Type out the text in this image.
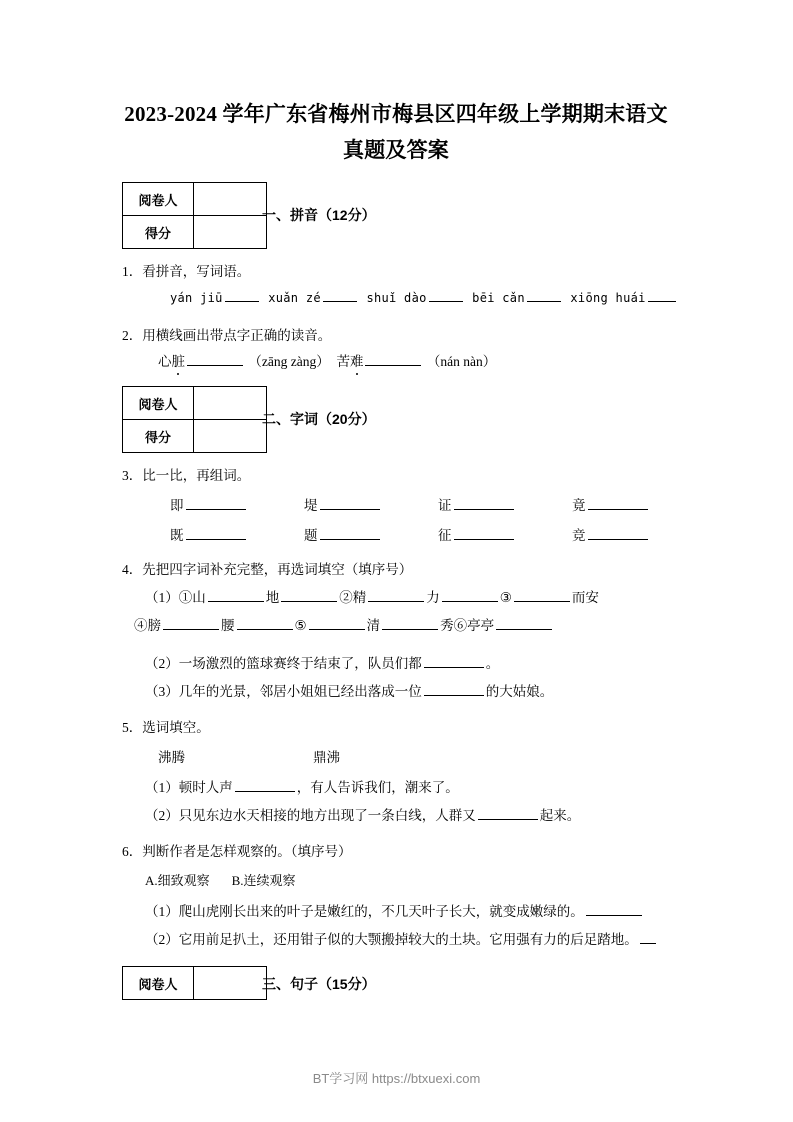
2023-2024 学年广东省梅州市梅县区四年级上学期期末语文
真题及答案
阅卷人	
得分	
一、拼音（12分）
1．看拼音，写词语。
yán jiū	xuǎn zé	shuǐ dào	bēi cǎn	xiōng huái
2．用横线画出带点字正确的读音。
心脏	（zāng zàng） 苦难	（nán nàn）
阅卷人	
得分	
二、字词（20分）
3．比一比，再组词。
即	堤	证	竟
既	题	征	竞
4．先把四字词补充完整，再选词填空（填序号）
（1）①山	地	②精	力	③	而安
④膀	腰	⑤	清	秀⑥亭亭
（2）一场激烈的篮球赛终于结束了，队员们都	。
（3）几年的光景，邻居小姐姐已经出落成一位	的大姑娘。
5．选词填空。
沸腾	鼎沸
（1）顿时人声	，有人告诉我们，潮来了。
（2）只见东边水天相接的地方出现了一条白线，人群又	起来。
6．判断作者是怎样观察的。（填序号）
A.细致观察 B.连续观察
（1）爬山虎刚长出来的叶子是嫩红的，不几天叶子长大，就变成嫩绿的。
（2）它用前足扒土，还用钳子似的大颚搬掉较大的土块。它用强有力的后足踏地。
阅卷人		三、句子（15分）
BT学习网 https://btxuexi.com
